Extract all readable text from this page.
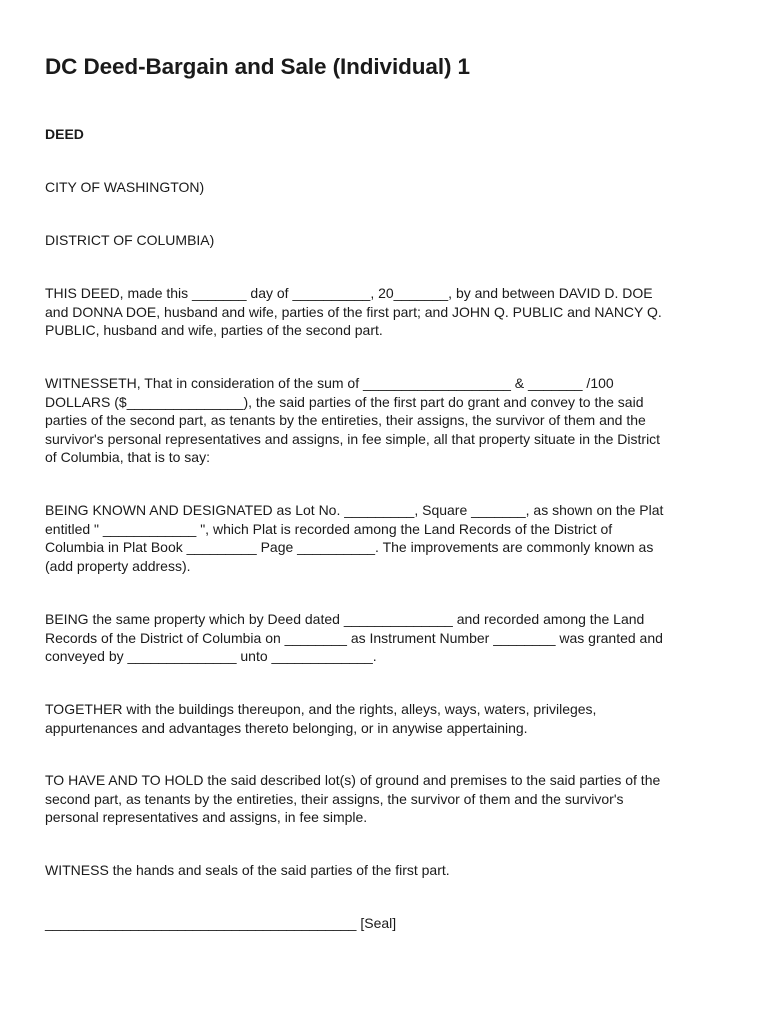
DC Deed-Bargain and Sale (Individual) 1
DEED

CITY OF WASHINGTON)

DISTRICT OF COLUMBIA)

THIS DEED, made this _______ day of __________, 20_______, by and between DAVID D. DOE
and DONNA DOE, husband and wife, parties of the first part; and JOHN Q. PUBLIC and NANCY Q.
PUBLIC, husband and wife, parties of the second part.

WITNESSETH, That in consideration of the sum of ___________________ & _______ /100
DOLLARS ($_______________), the said parties of the first part do grant and convey to the said
parties of the second part, as tenants by the entireties, their assigns, the survivor of them and the
survivor's personal representatives and assigns, in fee simple, all that property situate in the District
of Columbia, that is to say:

BEING KNOWN AND DESIGNATED as Lot No. _________, Square _______, as shown on the Plat
entitled " ____________ ", which Plat is recorded among the Land Records of the District of
Columbia in Plat Book _________ Page __________. The improvements are commonly known as
(add property address).

BEING the same property which by Deed dated ______________ and recorded among the Land
Records of the District of Columbia on ________ as Instrument Number ________ was granted and
conveyed by ______________ unto _____________.

TOGETHER with the buildings thereupon, and the rights, alleys, ways, waters, privileges,
appurtenances and advantages thereto belonging, or in anywise appertaining.

TO HAVE AND TO HOLD the said described lot(s) of ground and premises to the said parties of the
second part, as tenants by the entireties, their assigns, the survivor of them and the survivor's
personal representatives and assigns, in fee simple.

WITNESS the hands and seals of the said parties of the first part.

________________________________________ [Seal]
